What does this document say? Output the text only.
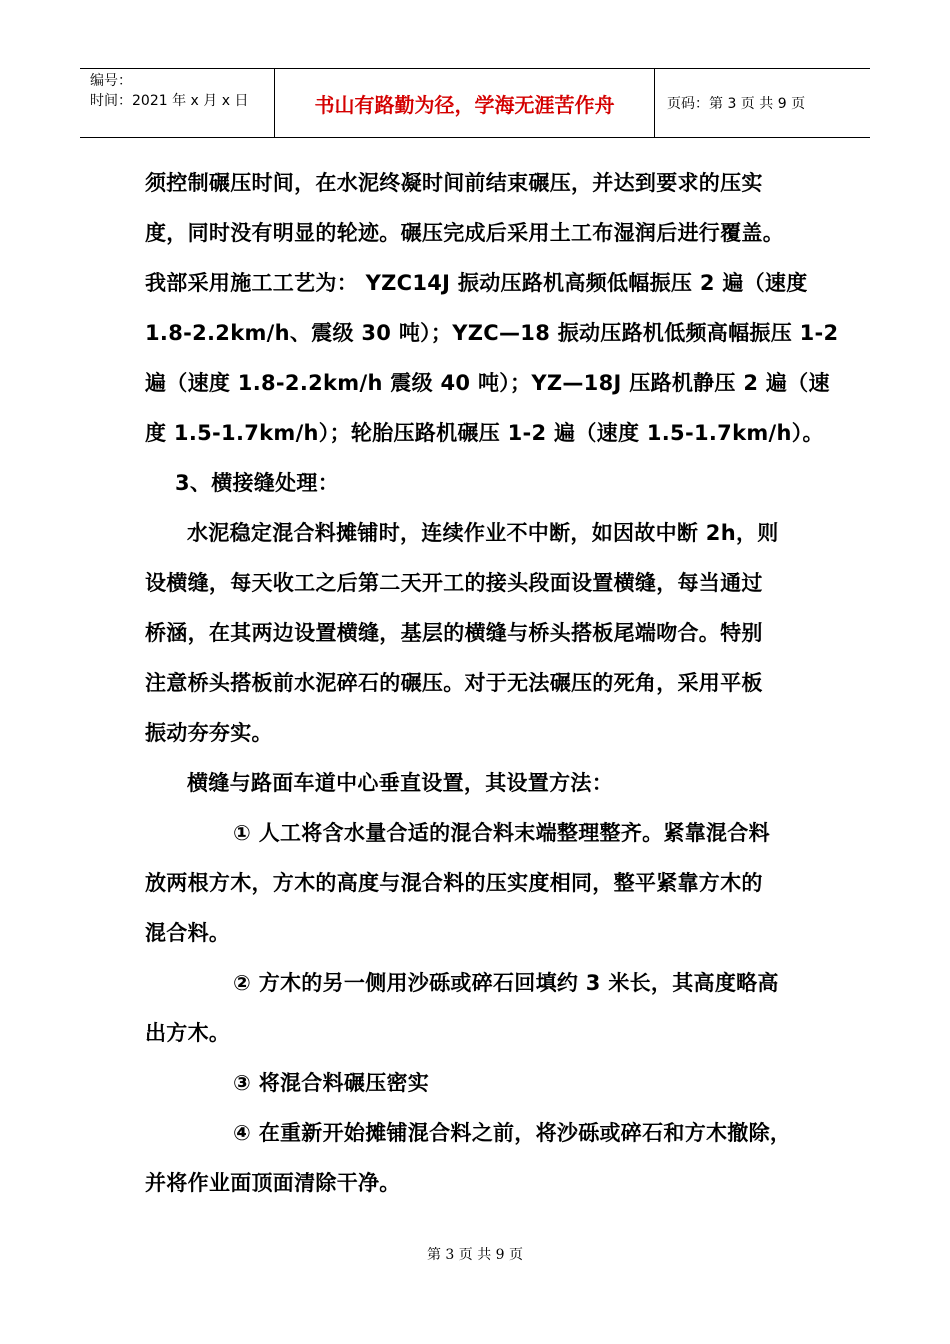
编号：
时间：2021 年 x 月 x 日	书山有路勤为径，学海无涯苦作舟	页码：第 3 页 共 9 页
须控制碾压时间，在水泥终凝时间前结束碾压，并达到要求的压实
度，同时没有明显的轮迹。碾压完成后采用土工布湿润后进行覆盖。
我部采用施工工艺为： YZC14J 振动压路机高频低幅振压 2 遍（速度
1.8-2.2km/h、震级 30 吨）；YZC—18 振动压路机低频高幅振压 1-2
遍（速度 1.8-2.2km/h 震级 40 吨）；YZ—18J 压路机静压 2 遍（速
度 1.5-1.7km/h）；轮胎压路机碾压 1-2 遍（速度 1.5-1.7km/h）。
3、横接缝处理：
水泥稳定混合料摊铺时，连续作业不中断，如因故中断 2h，则
设横缝，每天收工之后第二天开工的接头段面设置横缝，每当通过
桥涵，在其两边设置横缝，基层的横缝与桥头搭板尾端吻合。特别
注意桥头搭板前水泥碎石的碾压。对于无法碾压的死角，采用平板
振动夯夯实。
横缝与路面车道中心垂直设置，其设置方法：
① 人工将含水量合适的混合料末端整理整齐。紧靠混合料
放两根方木，方木的高度与混合料的压实度相同，整平紧靠方木的
混合料。
② 方木的另一侧用沙砾或碎石回填约 3 米长，其高度略高
出方木。
③ 将混合料碾压密实
④ 在重新开始摊铺混合料之前，将沙砾或碎石和方木撤除，
并将作业面顶面清除干净。
第 3 页 共 9 页
